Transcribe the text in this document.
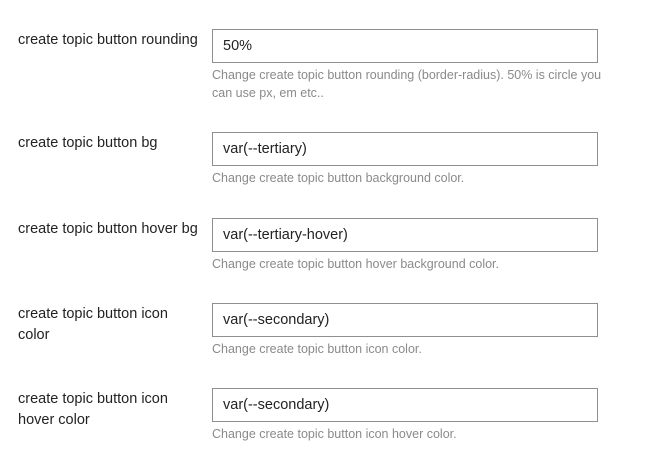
create topic button rounding
50%
Change create topic button rounding (border-radius). 50% is circle you can use px, em etc..
create topic button bg
var(--tertiary)
Change create topic button background color.
create topic button hover bg
var(--tertiary-hover)
Change create topic button hover background color.
create topic button icon color
var(--secondary)
Change create topic button icon color.
create topic button icon hover color
var(--secondary)
Change create topic button icon hover color.
